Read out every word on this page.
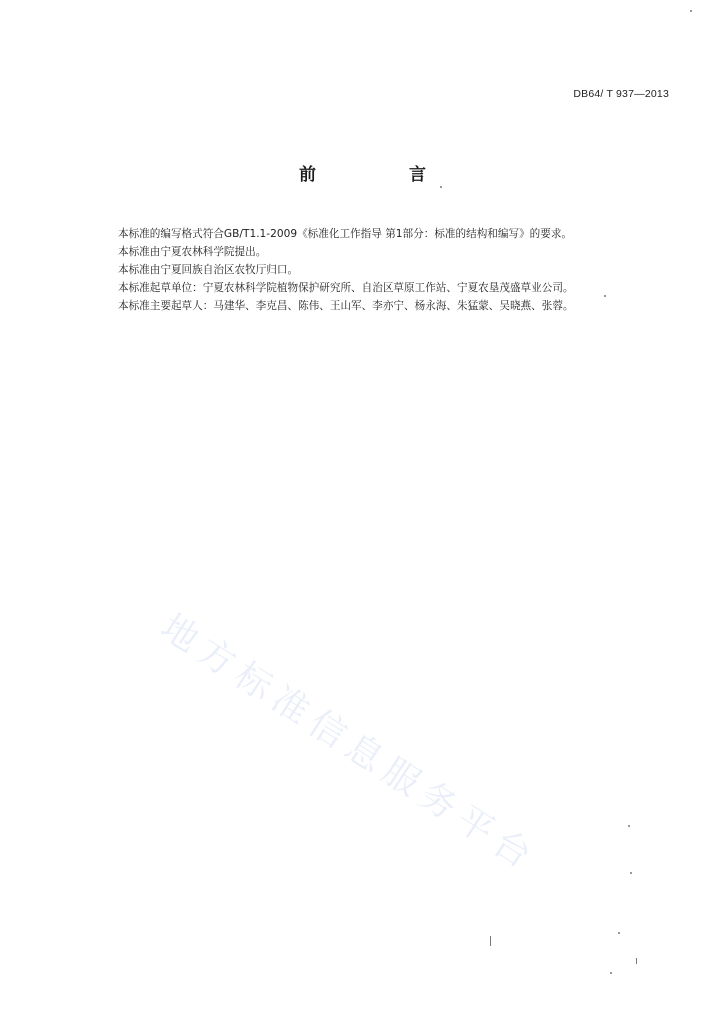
DB64/ T 937—2013
前　言

本标准的编写格式符合GB/T1.1-2009《标准化工作指导 第1部分：标准的结构和编写》的要求。

本标准由宁夏农林科学院提出。

本标准由宁夏回族自治区农牧厅归口。

本标准起草单位：宁夏农林科学院植物保护研究所、自治区草原工作站、宁夏农垦茂盛草业公司。

本标准主要起草人：马建华、李克昌、陈伟、王山军、李亦宁、杨永海、朱猛蒙、吴晓燕、张蓉。

地方标准信息服务平台
